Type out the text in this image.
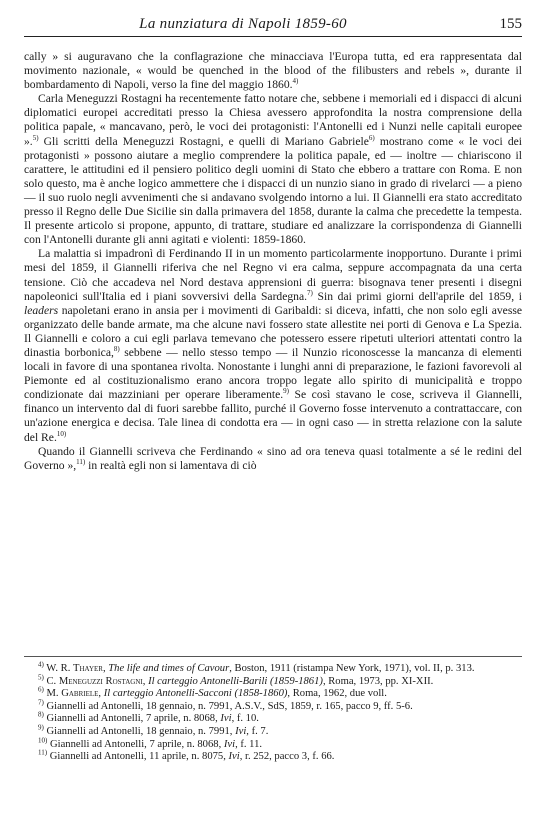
La nunziatura di Napoli 1859-60	155

cally » si auguravano che la conflagrazione che minacciava l'Europa tutta, ed era rappresentata dal movimento nazionale, « would be quenched in the blood of the filibusters and rebels », durante il bombardamento di Napoli, verso la fine del maggio 1860.$^{4)}$

Carla Meneguzzi Rostagni ha recentemente fatto notare che, sebbene i memoriali ed i dispacci di alcuni diplomatici europei accreditati presso la Chiesa avessero approfondita la nostra comprensione della politica papale, « mancavano, però, le voci dei protagonisti: l'Antonelli ed i Nunzi nelle capitali europee ».$^{5)}$ Gli scritti della Meneguzzi Rostagni, e quelli di Mariano Gabriele$^{6)}$ mostrano come « le voci dei protagonisti » possono aiutare a meglio comprendere la politica papale, ed — inoltre — chiariscono il carattere, le attitudini ed il pensiero politico degli uomini di Stato che ebbero a trattare con Roma. E non solo questo, ma è anche logico ammettere che i dispacci di un nunzio siano in grado di rivelarci — a pieno — il suo ruolo negli avvenimenti che si andavano svolgendo intorno a lui. Il Giannelli era stato accreditato presso il Regno delle Due Sicilie sin dalla primavera del 1858, durante la calma che precedette la tempesta. Il presente articolo si propone, appunto, di trattare, studiare ed analizzare la corrispondenza di Giannelli con l'Antonelli durante gli anni agitati e violenti: 1859-1860.

La malattia si impadronì di Ferdinando II in un momento particolarmente inopportuno. Durante i primi mesi del 1859, il Giannelli riferiva che nel Regno vi era calma, seppure accompagnata da una certa tensione. Ciò che accadeva nel Nord destava apprensioni di guerra: bisognava tener presenti i disegni napoleonici sull'Italia ed i piani sovversivi della Sardegna.$^{7)}$ Sin dai primi giorni dell'aprile del 1859, i leaders napoletani erano in ansia per i movimenti di Garibaldi: si diceva, infatti, che non solo egli avesse organizzato delle bande armate, ma che alcune navi fossero state allestite nei porti di Genova e La Spezia. Il Giannelli e coloro a cui egli parlava temevano che potessero essere ripetuti ulteriori attentati contro la dinastia borbonica,$^{8)}$ sebbene — nello stesso tempo — il Nunzio riconoscesse la mancanza di elementi locali in favore di una spontanea rivolta. Nonostante i lunghi anni di preparazione, le fazioni favorevoli al Piemonte ed al costituzionalismo erano ancora troppo legate allo spirito di municipalità e troppo condizionate dai mazziniani per operare liberamente.$^{9)}$ Se così stavano le cose, scriveva il Giannelli, financo un intervento dal di fuori sarebbe fallito, purché il Governo fosse intervenuto a contrattaccare, con un'azione energica e decisa. Tale linea di condotta era — in ogni caso — in stretta relazione con la salute del Re.$^{10)}$

Quando il Giannelli scriveva che Ferdinando « sino ad ora teneva quasi totalmente a sé le redini del Governo »,$^{11)}$ in realtà egli non si lamentava di ciò

$^{4)}$ W. R. Thayer, The life and times of Cavour, Boston, 1911 (ristampa New York, 1971), vol. II, p. 313.

$^{5)}$ C. Meneguzzi Rostagni, Il carteggio Antonelli-Barili (1859-1861), Roma, 1973, pp. XI-XII.

$^{6)}$ M. Gabriele, Il carteggio Antonelli-Sacconi (1858-1860), Roma, 1962, due voll.

$^{7)}$ Giannelli ad Antonelli, 18 gennaio, n. 7991, A.S.V., SdS, 1859, r. 165, pacco 9, ff. 5-6.

$^{8)}$ Giannelli ad Antonelli, 7 aprile, n. 8068, Ivi, f. 10.

$^{9)}$ Giannelli ad Antonelli, 18 gennaio, n. 7991, Ivi, f. 7.

$^{10)}$ Giannelli ad Antonelli, 7 aprile, n. 8068, Ivi, f. 11.

$^{11)}$ Giannelli ad Antonelli, 11 aprile, n. 8075, Ivi, r. 252, pacco 3, f. 66.
